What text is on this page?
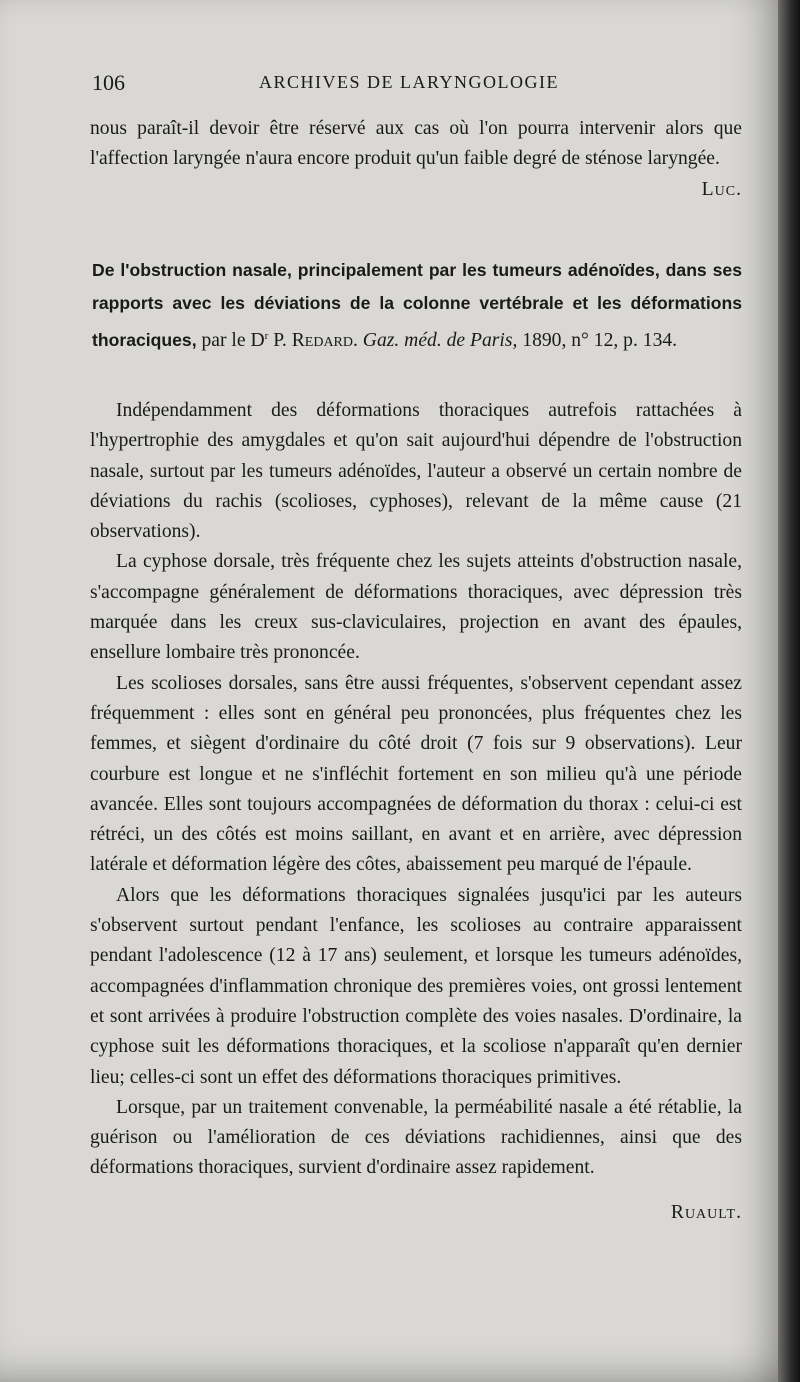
106	ARCHIVES DE LARYNGOLOGIE

nous paraît-il devoir être réservé aux cas où l'on pourra intervenir alors que l'affection laryngée n'aura encore produit qu'un faible degré de sténose laryngée.

Luc.
De l'obstruction nasale, principalement par les tumeurs adénoïdes, dans ses rapports avec les déviations de la colonne vertébrale et les déformations thoraciques, par le $D^r$ P. Redard. Gaz. méd. de Paris, 1890, n° 12, p. 134.

Indépendamment des déformations thoraciques autrefois rattachées à l'hypertrophie des amygdales et qu'on sait aujourd'hui dépendre de l'obstruction nasale, surtout par les tumeurs adénoïdes, l'auteur a observé un certain nombre de déviations du rachis (scolioses, cyphoses), relevant de la même cause (21 observations).

La cyphose dorsale, très fréquente chez les sujets atteints d'obstruction nasale, s'accompagne généralement de déformations thoraciques, avec dépression très marquée dans les creux sus-claviculaires, projection en avant des épaules, ensellure lombaire très prononcée.

Les scolioses dorsales, sans être aussi fréquentes, s'observent cependant assez fréquemment : elles sont en général peu prononcées, plus fréquentes chez les femmes, et siègent d'ordinaire du côté droit (7 fois sur 9 observations). Leur courbure est longue et ne s'infléchit fortement en son milieu qu'à une période avancée. Elles sont toujours accompagnées de déformation du thorax : celui-ci est rétréci, un des côtés est moins saillant, en avant et en arrière, avec dépression latérale et déformation légère des côtes, abaissement peu marqué de l'épaule.

Alors que les déformations thoraciques signalées jusqu'ici par les auteurs s'observent surtout pendant l'enfance, les scolioses au contraire apparaissent pendant l'adolescence (12 à 17 ans) seulement, et lorsque les tumeurs adénoïdes, accompagnées d'inflammation chronique des premières voies, ont grossi lentement et sont arrivées à produire l'obstruction complète des voies nasales. D'ordinaire, la cyphose suit les déformations thoraciques, et la scoliose n'apparaît qu'en dernier lieu; celles-ci sont un effet des déformations thoraciques primitives.

Lorsque, par un traitement convenable, la perméabilité nasale a été rétablie, la guérison ou l'amélioration de ces déviations rachidiennes, ainsi que des déformations thoraciques, survient d'ordinaire assez rapidement.

Ruault.
